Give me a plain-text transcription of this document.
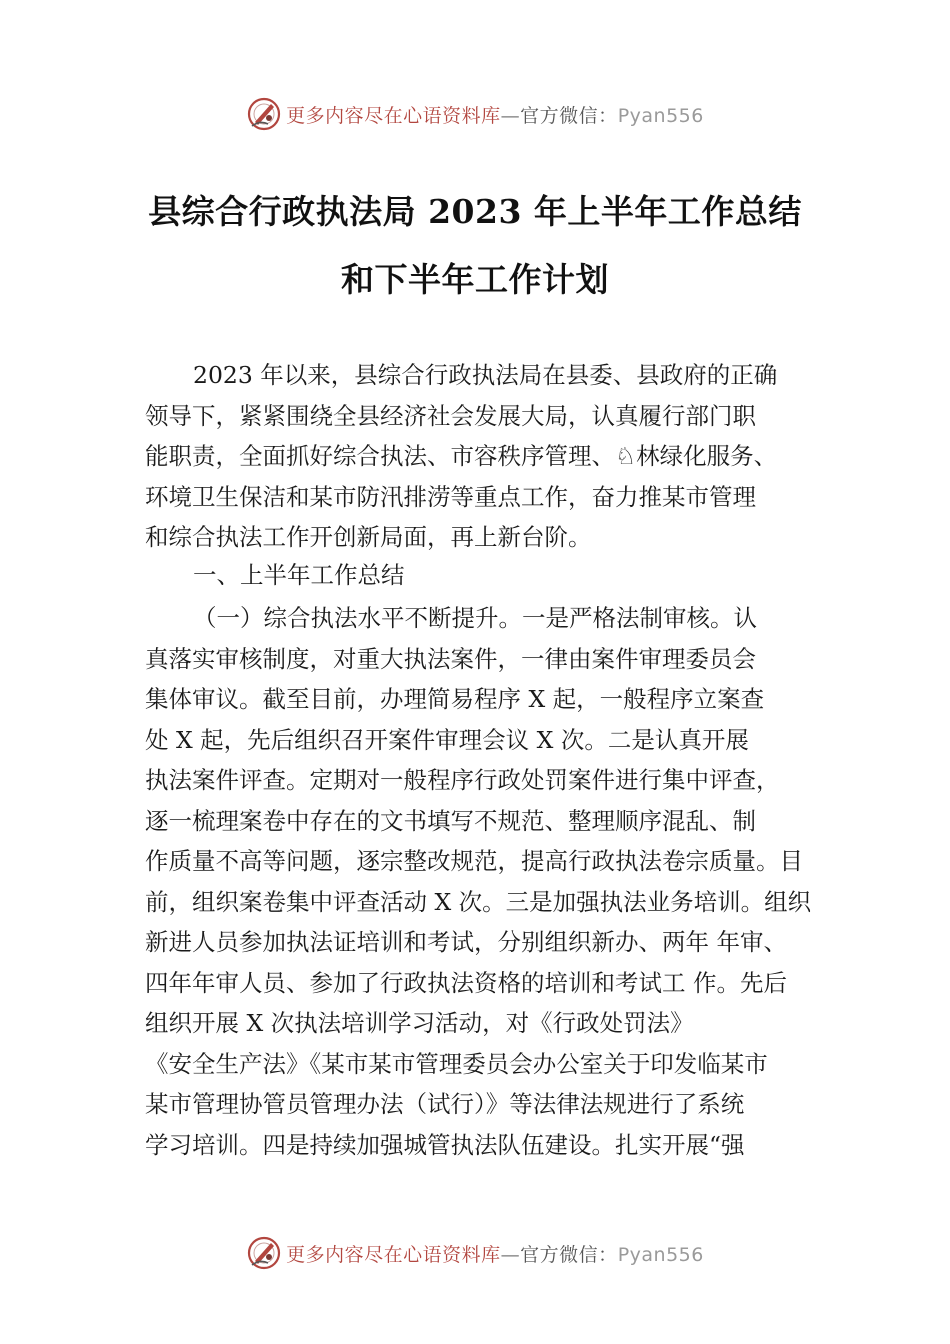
更多内容尽在心语资料库—官方微信：Pyan556
县综合行政执法局 2023 年上半年工作总结
和下半年工作计划
2023 年以来，县综合行政执法局在县委、县政府的正确
领导下，紧紧围绕全县经济社会发展大局，认真履行部门职
能职责，全面抓好综合执法、市容秩序管理、♘林绿化服务、
环境卫生保洁和某市防汛排涝等重点工作，奋力推某市管理
和综合执法工作开创新局面，再上新台阶。
一、上半年工作总结
（一）综合执法水平不断提升。一是严格法制审核。认
真落实审核制度，对重大执法案件，一律由案件审理委员会
集体审议。截至目前，办理简易程序 X 起，一般程序立案查
处 X 起，先后组织召开案件审理会议 X 次。二是认真开展
执法案件评查。定期对一般程序行政处罚案件进行集中评查，
逐一梳理案卷中存在的文书填写不规范、整理顺序混乱、制
作质量不高等问题，逐宗整改规范，提高行政执法卷宗质量。目
前，组织案卷集中评查活动 X 次。三是加强执法业务培训。组织
新进人员参加执法证培训和考试，分别组织新办、两年 年审、
四年年审人员、参加了行政执法资格的培训和考试工 作。先后
组织开展 X 次执法培训学习活动，对《行政处罚法》
《安全生产法》《某市某市管理委员会办公室关于印发临某市
某市管理协管员管理办法（试行）》等法律法规进行了系统
学习培训。四是持续加强城管执法队伍建设。扎实开展“强
更多内容尽在心语资料库—官方微信：Pyan556
